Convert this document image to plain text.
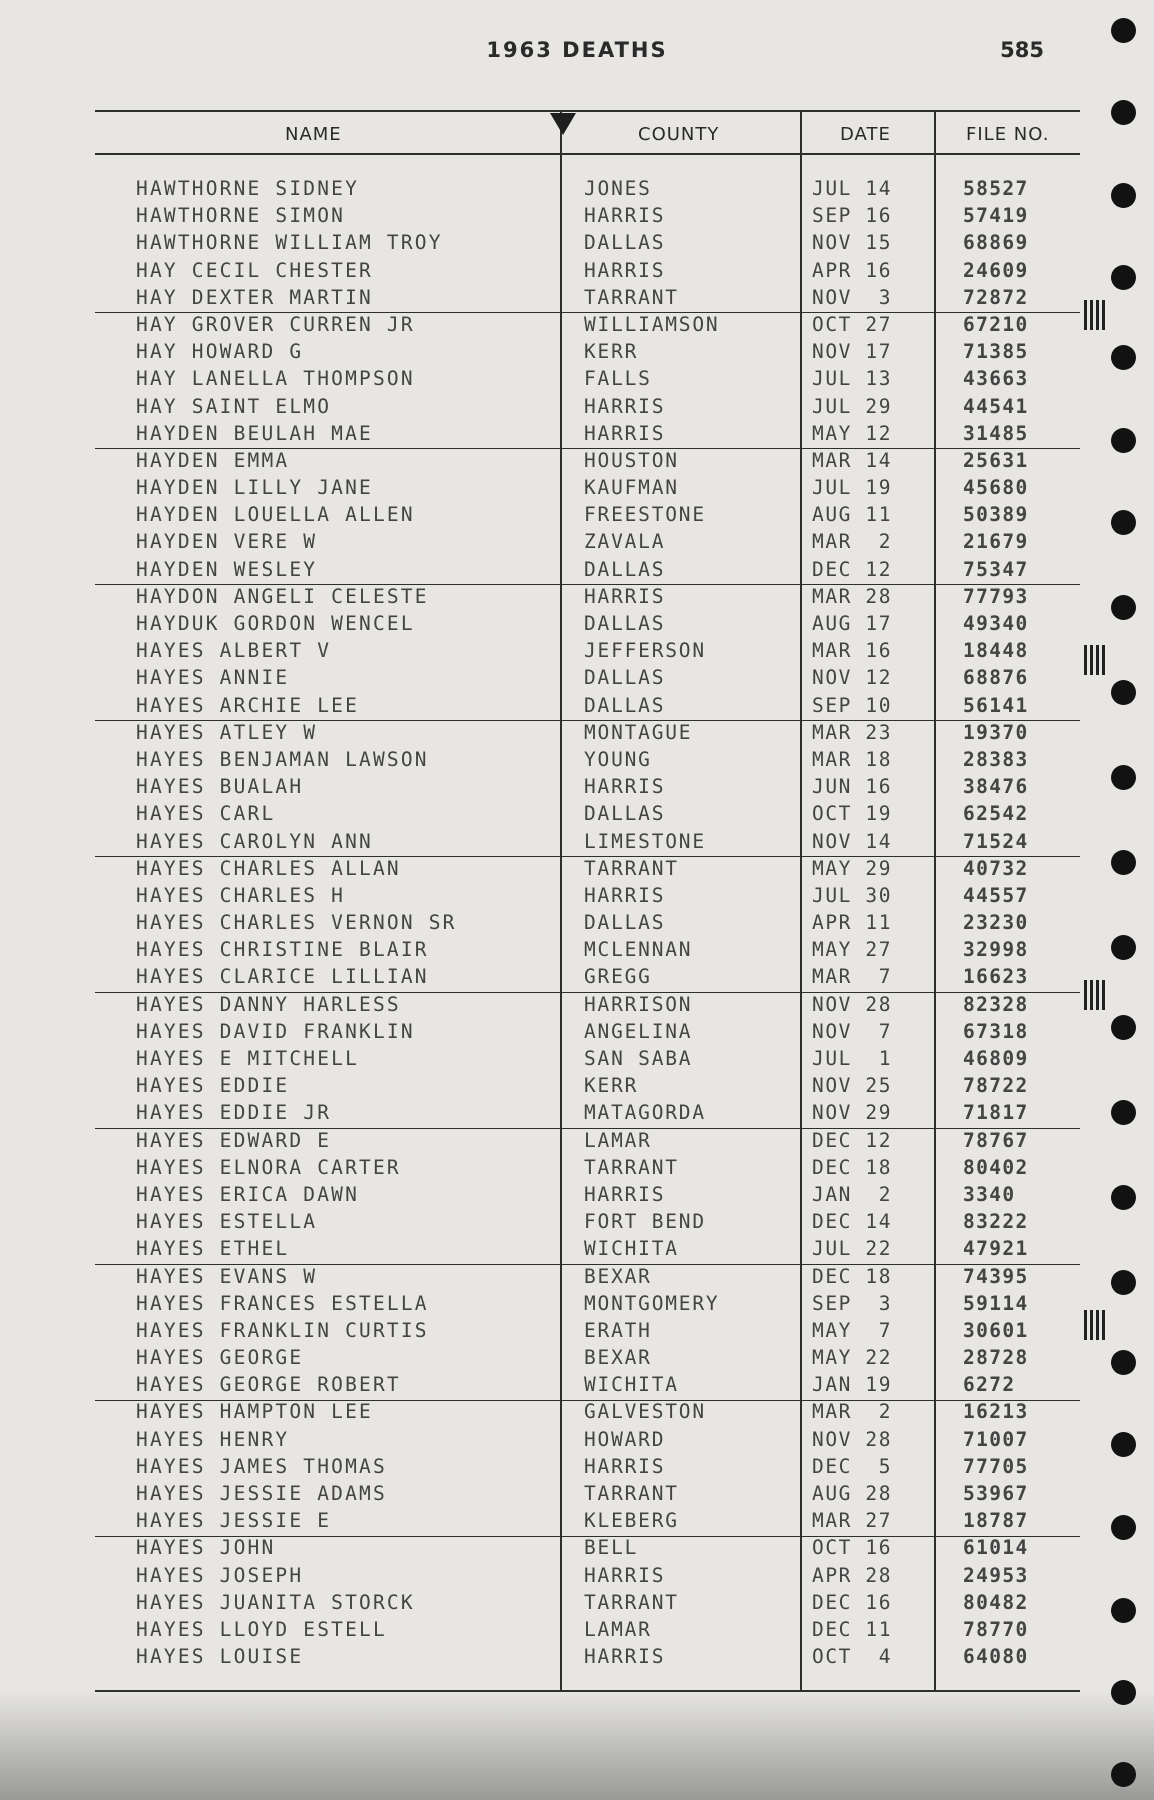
1963 DEATHS	585
NAME	COUNTY	DATE	FILE NO.
HAWTHORNE SIDNEY	JONES	JUL 14	58527
HAWTHORNE SIMON	HARRIS	SEP 16	57419
HAWTHORNE WILLIAM TROY	DALLAS	NOV 15	68869
HAY CECIL CHESTER	HARRIS	APR 16	24609
HAY DEXTER MARTIN	TARRANT	NOV  3	72872
HAY GROVER CURREN JR	WILLIAMSON	OCT 27	67210
HAY HOWARD G	KERR	NOV 17	71385
HAY LANELLA THOMPSON	FALLS	JUL 13	43663
HAY SAINT ELMO	HARRIS	JUL 29	44541
HAYDEN BEULAH MAE	HARRIS	MAY 12	31485
HAYDEN EMMA	HOUSTON	MAR 14	25631
HAYDEN LILLY JANE	KAUFMAN	JUL 19	45680
HAYDEN LOUELLA ALLEN	FREESTONE	AUG 11	50389
HAYDEN VERE W	ZAVALA	MAR  2	21679
HAYDEN WESLEY	DALLAS	DEC 12	75347
HAYDON ANGELI CELESTE	HARRIS	MAR 28	77793
HAYDUK GORDON WENCEL	DALLAS	AUG 17	49340
HAYES ALBERT V	JEFFERSON	MAR 16	18448
HAYES ANNIE	DALLAS	NOV 12	68876
HAYES ARCHIE LEE	DALLAS	SEP 10	56141
HAYES ATLEY W	MONTAGUE	MAR 23	19370
HAYES BENJAMAN LAWSON	YOUNG	MAR 18	28383
HAYES BUALAH	HARRIS	JUN 16	38476
HAYES CARL	DALLAS	OCT 19	62542
HAYES CAROLYN ANN	LIMESTONE	NOV 14	71524
HAYES CHARLES ALLAN	TARRANT	MAY 29	40732
HAYES CHARLES H	HARRIS	JUL 30	44557
HAYES CHARLES VERNON SR	DALLAS	APR 11	23230
HAYES CHRISTINE BLAIR	MCLENNAN	MAY 27	32998
HAYES CLARICE LILLIAN	GREGG	MAR  7	16623
HAYES DANNY HARLESS	HARRISON	NOV 28	82328
HAYES DAVID FRANKLIN	ANGELINA	NOV  7	67318
HAYES E MITCHELL	SAN SABA	JUL  1	46809
HAYES EDDIE	KERR	NOV 25	78722
HAYES EDDIE JR	MATAGORDA	NOV 29	71817
HAYES EDWARD E	LAMAR	DEC 12	78767
HAYES ELNORA CARTER	TARRANT	DEC 18	80402
HAYES ERICA DAWN	HARRIS	JAN  2	3340
HAYES ESTELLA	FORT BEND	DEC 14	83222
HAYES ETHEL	WICHITA	JUL 22	47921
HAYES EVANS W	BEXAR	DEC 18	74395
HAYES FRANCES ESTELLA	MONTGOMERY	SEP  3	59114
HAYES FRANKLIN CURTIS	ERATH	MAY  7	30601
HAYES GEORGE	BEXAR	MAY 22	28728
HAYES GEORGE ROBERT	WICHITA	JAN 19	6272
HAYES HAMPTON LEE	GALVESTON	MAR  2	16213
HAYES HENRY	HOWARD	NOV 28	71007
HAYES JAMES THOMAS	HARRIS	DEC  5	77705
HAYES JESSIE ADAMS	TARRANT	AUG 28	53967
HAYES JESSIE E	KLEBERG	MAR 27	18787
HAYES JOHN	BELL	OCT 16	61014
HAYES JOSEPH	HARRIS	APR 28	24953
HAYES JUANITA STORCK	TARRANT	DEC 16	80482
HAYES LLOYD ESTELL	LAMAR	DEC 11	78770
HAYES LOUISE	HARRIS	OCT  4	64080
